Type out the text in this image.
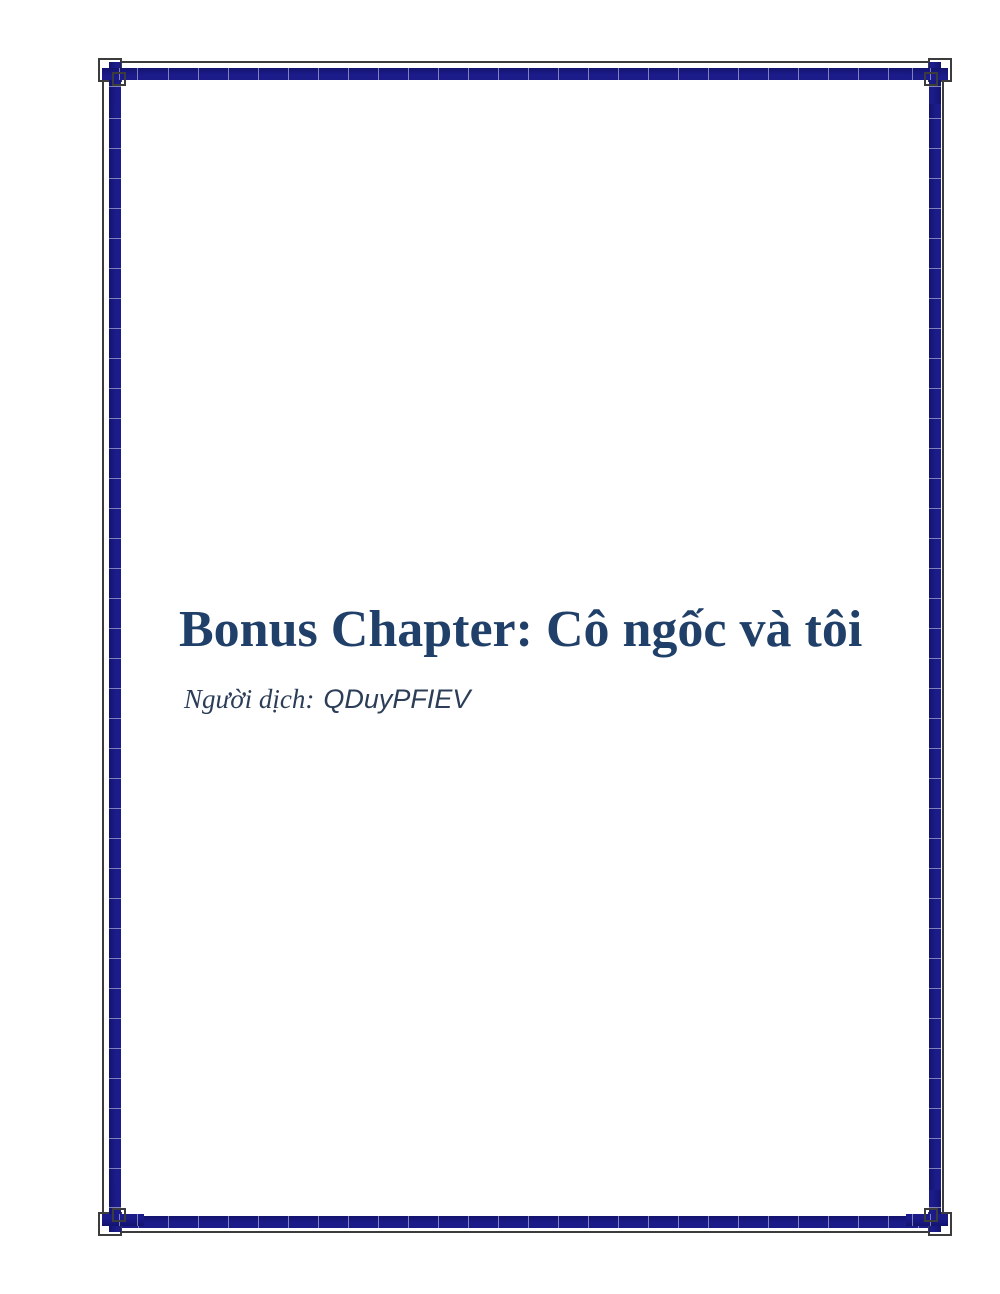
Bonus Chapter: Cô ngốc và tôi

Người dịch: QDuyPFIEV
